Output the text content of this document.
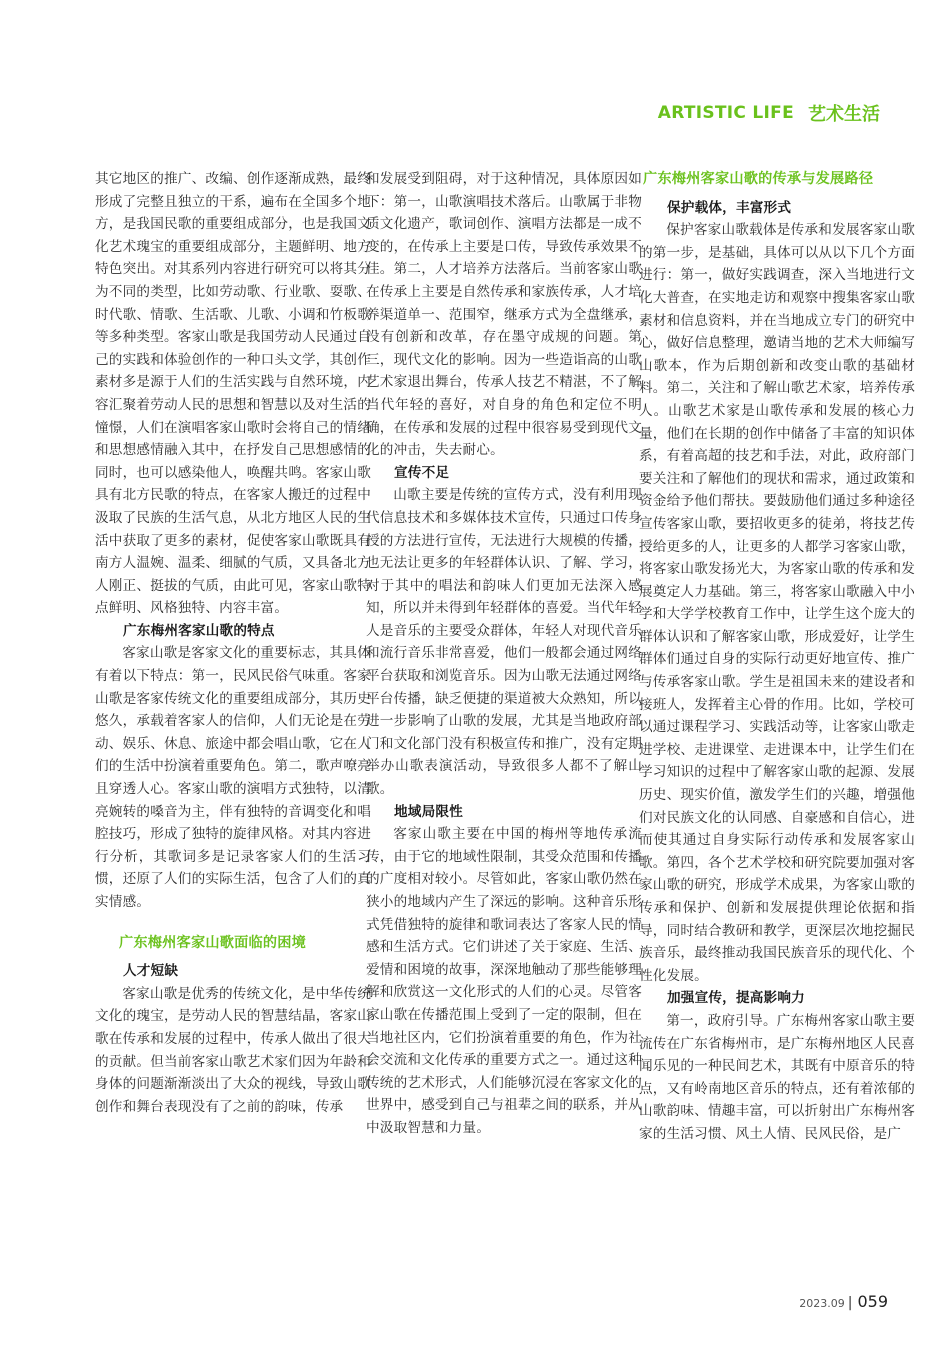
ARTISTIC LIFE 艺术生活

其它地区的推广、改编、创作逐渐成熟，最终形成了完整且独立的干系，遍布在全国多个地方，是我国民歌的重要组成部分，也是我国文化艺术瑰宝的重要组成部分，主题鲜明、地方特色突出。对其系列内容进行研究可以将其分为不同的类型，比如劳动歌、行业歌、耍歌、时代歌、情歌、生活歌、儿歌、小调和竹板歌等多种类型。客家山歌是我国劳动人民通过自己的实践和体验创作的一种口头文学，其创作素材多是源于人们的生活实践与自然环境，内容汇聚着劳动人民的思想和智慧以及对生活的憧憬，人们在演唱客家山歌时会将自己的情绪和思想感情融入其中，在抒发自己思想感情的同时，也可以感染他人，唤醒共鸣。客家山歌具有北方民歌的特点，在客家人搬迁的过程中汲取了民族的生活气息，从北方地区人民的生活中获取了更多的素材，促使客家山歌既具有南方人温婉、温柔、细腻的气质，又具备北方人刚正、挺拔的气质，由此可见，客家山歌特点鲜明、风格独特、内容丰富。

广东梅州客家山歌的特点

客家山歌是客家文化的重要标志，其具体有着以下特点：第一，民风民俗气味重。客家山歌是客家传统文化的重要组成部分，其历史悠久，承载着客家人的信仰，人们无论是在劳动、娱乐、休息、旅途中都会唱山歌，它在人们的生活中扮演着重要角色。第二，歌声嘹亮且穿透人心。客家山歌的演唱方式独特，以清亮婉转的嗓音为主，伴有独特的音调变化和唱腔技巧，形成了独特的旋律风格。对其内容进行分析，其歌词多是记录客家人们的生活习惯，还原了人们的实际生活，包含了人们的真实情感。

广东梅州客家山歌面临的困境
人才短缺

客家山歌是优秀的传统文化，是中华传统文化的瑰宝，是劳动人民的智慧结晶，客家山歌在传承和发展的过程中，传承人做出了很大的贡献。但当前客家山歌艺术家们因为年龄和身体的问题渐渐淡出了大众的视线，导致山歌创作和舞台表现没有了之前的韵味，传承

和发展受到阻碍，对于这种情况，具体原因如下：第一，山歌演唱技术落后。山歌属于非物质文化遗产，歌词创作、演唱方法都是一成不变的，在传承上主要是口传，导致传承效果不佳。第二，人才培养方法落后。当前客家山歌在传承上主要是自然传承和家族传承，人才培养渠道单一、范围窄，继承方式为全盘继承，没有创新和改革，存在墨守成规的问题。第三，现代文化的影响。因为一些造诣高的山歌艺术家退出舞台，传承人技艺不精湛，不了解当代年轻的喜好，对自身的角色和定位不明确，在传承和发展的过程中很容易受到现代文化的冲击，失去耐心。

宣传不足

山歌主要是传统的宣传方式，没有利用现代信息技术和多媒体技术宣传，只通过口传身授的方法进行宣传，无法进行大规模的传播，也无法让更多的年轻群体认识、了解、学习，对于其中的唱法和韵味人们更加无法深入感知，所以并未得到年轻群体的喜爱。当代年轻人是音乐的主要受众群体，年轻人对现代音乐和流行音乐非常喜爱，他们一般都会通过网络平台获取和浏览音乐。因为山歌无法通过网络平台传播，缺乏便捷的渠道被大众熟知，所以进一步影响了山歌的发展，尤其是当地政府部门和文化部门没有积极宣传和推广，没有定期举办山歌表演活动，导致很多人都不了解山歌。

地域局限性

客家山歌主要在中国的梅州等地传承流传，由于它的地域性限制，其受众范围和传播的广度相对较小。尽管如此，客家山歌仍然在狭小的地域内产生了深远的影响。这种音乐形式凭借独特的旋律和歌词表达了客家人民的情感和生活方式。它们讲述了关于家庭、生活、爱情和困境的故事，深深地触动了那些能够理解和欣赏这一文化形式的人们的心灵。尽管客家山歌在传播范围上受到了一定的限制，但在当地社区内，它们扮演着重要的角色，作为社会交流和文化传承的重要方式之一。通过这种传统的艺术形式，人们能够沉浸在客家文化的世界中，感受到自己与祖辈之间的联系，并从中汲取智慧和力量。

广东梅州客家山歌的传承与发展路径
保护载体，丰富形式

保护客家山歌载体是传承和发展客家山歌的第一步，是基础，具体可以从以下几个方面进行：第一，做好实践调查，深入当地进行文化大普查，在实地走访和观察中搜集客家山歌素材和信息资料，并在当地成立专门的研究中心，做好信息整理，邀请当地的艺术大师编写山歌本，作为后期创新和改变山歌的基础材料。第二，关注和了解山歌艺术家，培养传承人。山歌艺术家是山歌传承和发展的核心力量，他们在长期的创作中储备了丰富的知识体系，有着高超的技艺和手法，对此，政府部门要关注和了解他们的现状和需求，通过政策和资金给予他们帮扶。要鼓励他们通过多种途径宣传客家山歌，要招收更多的徒弟，将技艺传授给更多的人，让更多的人都学习客家山歌，将客家山歌发扬光大，为客家山歌的传承和发展奠定人力基础。第三，将客家山歌融入中小学和大学学校教育工作中，让学生这个庞大的群体认识和了解客家山歌，形成爱好，让学生群体们通过自身的实际行动更好地宣传、推广与传承客家山歌。学生是祖国未来的建设者和接班人，发挥着主心骨的作用。比如，学校可以通过课程学习、实践活动等，让客家山歌走进学校、走进课堂、走进课本中，让学生们在学习知识的过程中了解客家山歌的起源、发展历史、现实价值，激发学生们的兴趣，增强他们对民族文化的认同感、自豪感和自信心，进而使其通过自身实际行动传承和发展客家山歌。第四，各个艺术学校和研究院要加强对客家山歌的研究，形成学术成果，为客家山歌的传承和保护、创新和发展提供理论依据和指导，同时结合教研和教学，更深层次地挖掘民族音乐，最终推动我国民族音乐的现代化、个性化发展。

加强宣传，提高影响力

第一，政府引导。广东梅州客家山歌主要流传在广东省梅州市，是广东梅州地区人民喜闻乐见的一种民间艺术，其既有中原音乐的特点，又有岭南地区音乐的特点，还有着浓郁的山歌韵味、情趣丰富，可以折射出广东梅州客家的生活习惯、风土人情、民风民俗，是广

2023.09 | 059
